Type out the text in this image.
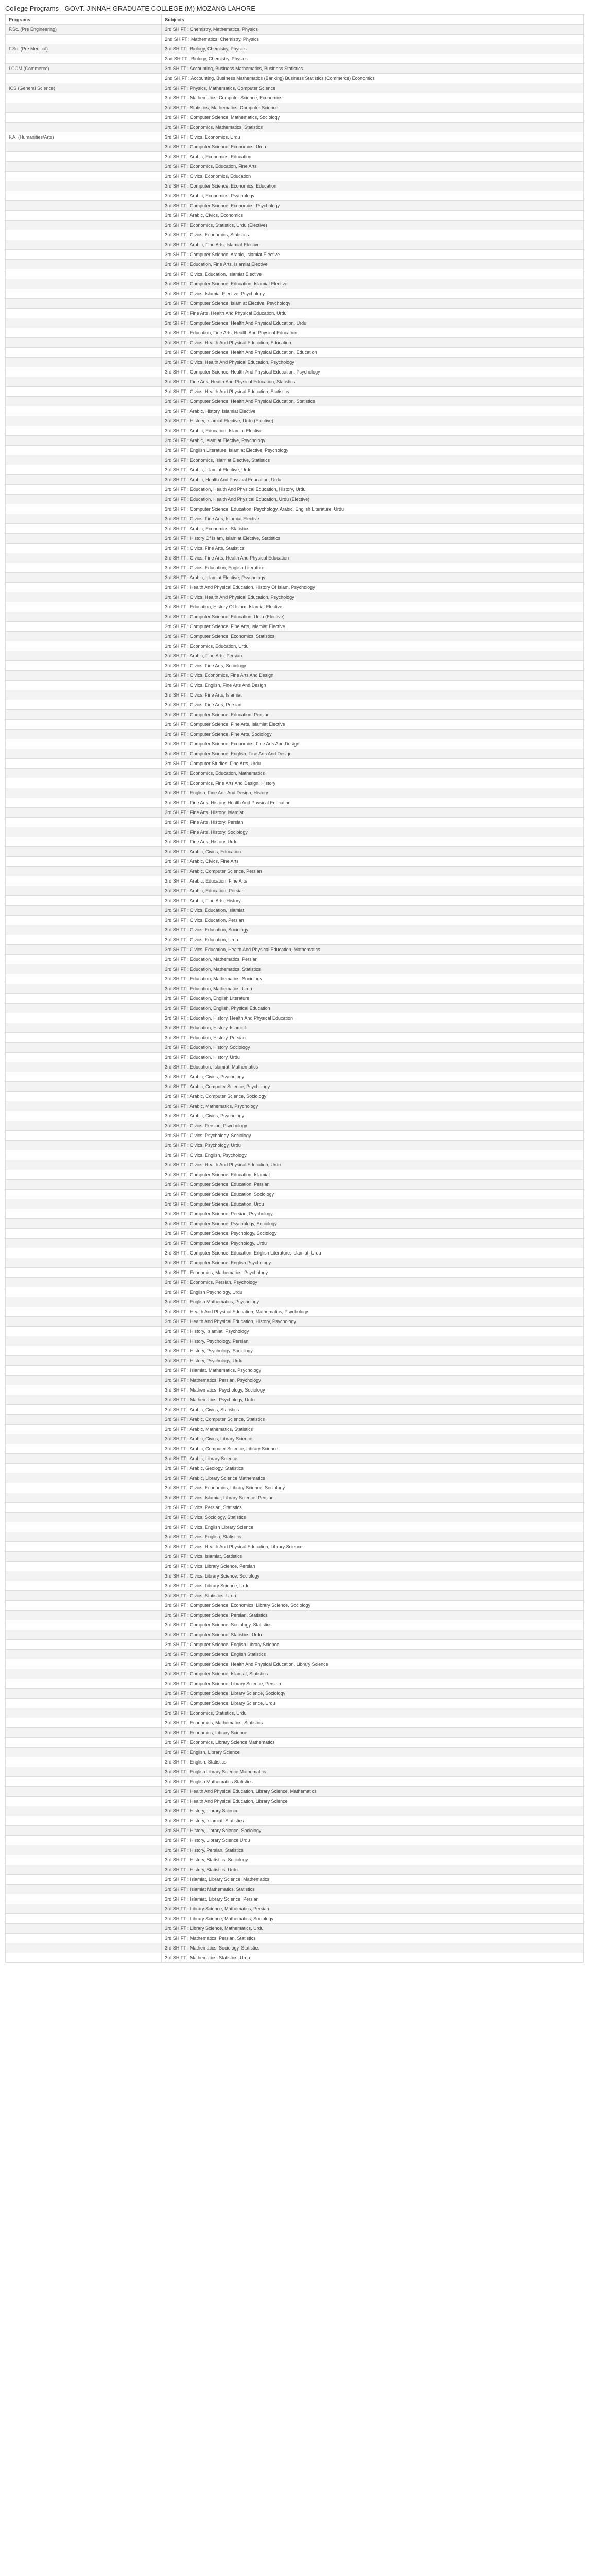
College Programs - GOVT. JINNAH GRADUATE COLLEGE (M) MOZANG LAHORE
Programs	Subjects
F.Sc. (Pre Engineering)	3rd SHIFT : Chemistry, Mathematics, Physics
	2nd SHIFT : Mathematics, Chemistry, Physics
F.Sc. (Pre Medical)	3rd SHIFT : Biology, Chemistry, Physics
	2nd SHIFT : Biology, Chemistry, Physics
I.COM (Commerce)	3rd SHIFT : Accounting, Business Mathematics, Business Statistics
	2nd SHIFT : Accounting, Business Mathematics (Banking) Business Statistics (Commerce) Economics
ICS (General Science)	3rd SHIFT : Physics, Mathematics, Computer Science
	3rd SHIFT : Mathematics, Computer Science, Economics
	3rd SHIFT : Statistics, Mathematics, Computer Science
	3rd SHIFT : Computer Science, Mathematics, Sociology
	3rd SHIFT : Economics, Mathematics, Statistics
F.A. (Humanities/Arts)	3rd SHIFT : Civics, Economics, Urdu
	3rd SHIFT : Computer Science, Economics, Urdu
	3rd SHIFT : Arabic, Economics, Education
	3rd SHIFT : Economics, Education, Fine Arts
	3rd SHIFT : Civics, Economics, Education
	3rd SHIFT : Computer Science, Economics, Education
	3rd SHIFT : Arabic, Economics, Psychology
	3rd SHIFT : Computer Science, Economics, Psychology
	3rd SHIFT : Arabic, Civics, Economics
	3rd SHIFT : Economics, Statistics, Urdu (Elective)
	3rd SHIFT : Civics, Economics, Statistics
	3rd SHIFT : Arabic, Fine Arts, Islamiat Elective
	3rd SHIFT : Computer Science, Arabic, Islamiat Elective
	3rd SHIFT : Education, Fine Arts, Islamiat Elective
	3rd SHIFT : Civics, Education, Islamiat Elective
	3rd SHIFT : Computer Science, Education, Islamiat Elective
	3rd SHIFT : Civics, Islamiat Elective, Psychology
	3rd SHIFT : Computer Science, Islamiat Elective, Psychology
	3rd SHIFT : Fine Arts, Health And Physical Education, Urdu
	3rd SHIFT : Computer Science, Health And Physical Education, Urdu
	3rd SHIFT : Education, Fine Arts, Health And Physical Education
	3rd SHIFT : Civics, Health And Physical Education, Education
	3rd SHIFT : Computer Science, Health And Physical Education, Education
	3rd SHIFT : Civics, Health And Physical Education, Psychology
	3rd SHIFT : Computer Science, Health And Physical Education, Psychology
	3rd SHIFT : Fine Arts, Health And Physical Education, Statistics
	3rd SHIFT : Civics, Health And Physical Education, Statistics
	3rd SHIFT : Computer Science, Health And Physical Education, Statistics
	3rd SHIFT : Arabic, History, Islamiat Elective
	3rd SHIFT : History, Islamiat Elective, Urdu (Elective)
	3rd SHIFT : Arabic, Education, Islamiat Elective
	3rd SHIFT : Arabic, Islamiat Elective, Psychology
	3rd SHIFT : English Literature, Islamiat Elective, Psychology
	3rd SHIFT : Economics, Islamiat Elective, Statistics
	3rd SHIFT : Arabic, Islamiat Elective, Urdu
	3rd SHIFT : Arabic, Health And Physical Education, Urdu
	3rd SHIFT : Education, Health And Physical Education, History, Urdu
	3rd SHIFT : Education, Health And Physical Education, Urdu (Elective)
	3rd SHIFT : Computer Science, Education, Psychology, Arabic, English Literature, Urdu
	3rd SHIFT : Civics, Fine Arts, Islamiat Elective
	3rd SHIFT : Arabic, Economics, Statistics
	3rd SHIFT : History Of Islam, Islamiat Elective, Statistics
	3rd SHIFT : Civics, Fine Arts, Statistics
	3rd SHIFT : Civics, Fine Arts, Health And Physical Education
	3rd SHIFT : Civics, Education, English Literature
	3rd SHIFT : Arabic, Islamiat Elective, Psychology
	3rd SHIFT : Health And Physical Education, History Of Islam, Psychology
	3rd SHIFT : Civics, Health And Physical Education, Psychology
	3rd SHIFT : Education, History Of Islam, Islamiat Elective
	3rd SHIFT : Computer Science, Education, Urdu (Elective)
	3rd SHIFT : Computer Science, Fine Arts, Islamiat Elective
	3rd SHIFT : Computer Science, Economics, Statistics
	3rd SHIFT : Economics, Education, Urdu
	3rd SHIFT : Arabic, Fine Arts, Persian
	3rd SHIFT : Civics, Fine Arts, Sociology
	3rd SHIFT : Civics, Economics, Fine Arts And Design
	3rd SHIFT : Civics, English, Fine Arts And Design
	3rd SHIFT : Civics, Fine Arts, Islamiat
	3rd SHIFT : Civics, Fine Arts, Persian
	3rd SHIFT : Computer Science, Education, Persian
	3rd SHIFT : Computer Science, Fine Arts, Islamiat Elective
	3rd SHIFT : Computer Science, Fine Arts, Sociology
	3rd SHIFT : Computer Science, Economics, Fine Arts And Design
	3rd SHIFT : Computer Science, English, Fine Arts And Design
	3rd SHIFT : Computer Studies, Fine Arts, Urdu
	3rd SHIFT : Economics, Education, Mathematics
	3rd SHIFT : Economics, Fine Arts And Design, History
	3rd SHIFT : English, Fine Arts And Design, History
	3rd SHIFT : Fine Arts, History, Health And Physical Education
	3rd SHIFT : Fine Arts, History, Islamiat
	3rd SHIFT : Fine Arts, History, Persian
	3rd SHIFT : Fine Arts, History, Sociology
	3rd SHIFT : Fine Arts, History, Urdu
	3rd SHIFT : Arabic, Civics, Education
	3rd SHIFT : Arabic, Civics, Fine Arts
	3rd SHIFT : Arabic, Computer Science, Persian
	3rd SHIFT : Arabic, Education, Fine Arts
	3rd SHIFT : Arabic, Education, Persian
	3rd SHIFT : Arabic, Fine Arts, History
	3rd SHIFT : Civics, Education, Islamiat
	3rd SHIFT : Civics, Education, Persian
	3rd SHIFT : Civics, Education, Sociology
	3rd SHIFT : Civics, Education, Urdu
	3rd SHIFT : Civics, Education, Health And Physical Education, Mathematics
	3rd SHIFT : Education, Mathematics, Persian
	3rd SHIFT : Education, Mathematics, Statistics
	3rd SHIFT : Education, Mathematics, Sociology
	3rd SHIFT : Education, Mathematics, Urdu
	3rd SHIFT : Education, English Literature
	3rd SHIFT : Education, English, Physical Education
	3rd SHIFT : Education, History, Health And Physical Education
	3rd SHIFT : Education, History, Islamiat
	3rd SHIFT : Education, History, Persian
	3rd SHIFT : Education, History, Sociology
	3rd SHIFT : Education, History, Urdu
	3rd SHIFT : Education, Islamiat, Mathematics
	3rd SHIFT : Arabic, Civics, Psychology
	3rd SHIFT : Arabic, Computer Science, Psychology
	3rd SHIFT : Arabic, Computer Science, Sociology
	3rd SHIFT : Arabic, Mathematics, Psychology
	3rd SHIFT : Arabic, Civics, Psychology
	3rd SHIFT : Civics, Persian, Psychology
	3rd SHIFT : Civics, Psychology, Sociology
	3rd SHIFT : Civics, Psychology, Urdu
	3rd SHIFT : Civics, English, Psychology
	3rd SHIFT : Civics, Health And Physical Education, Urdu
	3rd SHIFT : Computer Science, Education, Islamiat
	3rd SHIFT : Computer Science, Education, Persian
	3rd SHIFT : Computer Science, Education, Sociology
	3rd SHIFT : Computer Science, Education, Urdu
	3rd SHIFT : Computer Science, Persian, Psychology
	3rd SHIFT : Computer Science, Psychology, Sociology
	3rd SHIFT : Computer Science, Psychology, Sociology
	3rd SHIFT : Computer Science, Psychology, Urdu
	3rd SHIFT : Computer Science, Education, English Literature, Islamiat, Urdu
	3rd SHIFT : Computer Science, English Psychology
	3rd SHIFT : Economics, Mathematics, Psychology
	3rd SHIFT : Economics, Persian, Psychology
	3rd SHIFT : English Psychology, Urdu
	3rd SHIFT : English Mathematics, Psychology
	3rd SHIFT : Health And Physical Education, Mathematics, Psychology
	3rd SHIFT : Health And Physical Education, History, Psychology
	3rd SHIFT : History, Islamiat, Psychology
	3rd SHIFT : History, Psychology, Persian
	3rd SHIFT : History, Psychology, Sociology
	3rd SHIFT : History, Psychology, Urdu
	3rd SHIFT : Islamiat, Mathematics, Psychology
	3rd SHIFT : Mathematics, Persian, Psychology
	3rd SHIFT : Mathematics, Psychology, Sociology
	3rd SHIFT : Mathematics, Psychology, Urdu
	3rd SHIFT : Arabic, Civics, Statistics
	3rd SHIFT : Arabic, Computer Science, Statistics
	3rd SHIFT : Arabic, Mathematics, Statistics
	3rd SHIFT : Arabic, Civics, Library Science
	3rd SHIFT : Arabic, Computer Science, Library Science
	3rd SHIFT : Arabic, Library Science
	3rd SHIFT : Arabic, Geology, Statistics
	3rd SHIFT : Arabic, Library Science Mathematics
	3rd SHIFT : Civics, Economics, Library Science, Sociology
	3rd SHIFT : Civics, Islamiat, Library Science, Persian
	3rd SHIFT : Civics, Persian, Statistics
	3rd SHIFT : Civics, Sociology, Statistics
	3rd SHIFT : Civics, English Library Science
	3rd SHIFT : Civics, English, Statistics
	3rd SHIFT : Civics, Health And Physical Education, Library Science
	3rd SHIFT : Civics, Islamiat, Statistics
	3rd SHIFT : Civics, Library Science, Persian
	3rd SHIFT : Civics, Library Science, Sociology
	3rd SHIFT : Civics, Library Science, Urdu
	3rd SHIFT : Civics, Statistics, Urdu
	3rd SHIFT : Computer Science, Economics, Library Science, Sociology
	3rd SHIFT : Computer Science, Persian, Statistics
	3rd SHIFT : Computer Science, Sociology, Statistics
	3rd SHIFT : Computer Science, Statistics, Urdu
	3rd SHIFT : Computer Science, English Library Science
	3rd SHIFT : Computer Science, English Statistics
	3rd SHIFT : Computer Science, Health And Physical Education, Library Science
	3rd SHIFT : Computer Science, Islamiat, Statistics
	3rd SHIFT : Computer Science, Library Science, Persian
	3rd SHIFT : Computer Science, Library Science, Sociology
	3rd SHIFT : Computer Science, Library Science, Urdu
	3rd SHIFT : Economics, Statistics, Urdu
	3rd SHIFT : Economics, Mathematics, Statistics
	3rd SHIFT : Economics, Library Science
	3rd SHIFT : Economics, Library Science Mathematics
	3rd SHIFT : English, Library Science
	3rd SHIFT : English, Statistics
	3rd SHIFT : English Library Science Mathematics
	3rd SHIFT : English Mathematics Statistics
	3rd SHIFT : Health And Physical Education, Library Science, Mathematics
	3rd SHIFT : Health And Physical Education, Library Science
	3rd SHIFT : History, Library Science
	3rd SHIFT : History, Islamiat, Statistics
	3rd SHIFT : History, Library Science, Sociology
	3rd SHIFT : History, Library Science Urdu
	3rd SHIFT : History, Persian, Statistics
	3rd SHIFT : History, Statistics, Sociology
	3rd SHIFT : History, Statistics, Urdu
	3rd SHIFT : Islamiat, Library Science, Mathematics
	3rd SHIFT : Islamiat Mathematics, Statistics
	3rd SHIFT : Islamiat, Library Science, Persian
	3rd SHIFT : Library Science, Mathematics, Persian
	3rd SHIFT : Library Science, Mathematics, Sociology
	3rd SHIFT : Library Science, Mathematics, Urdu
	3rd SHIFT : Mathematics, Persian, Statistics
	3rd SHIFT : Mathematics, Sociology, Statistics
	3rd SHIFT : Mathematics, Statistics, Urdu
